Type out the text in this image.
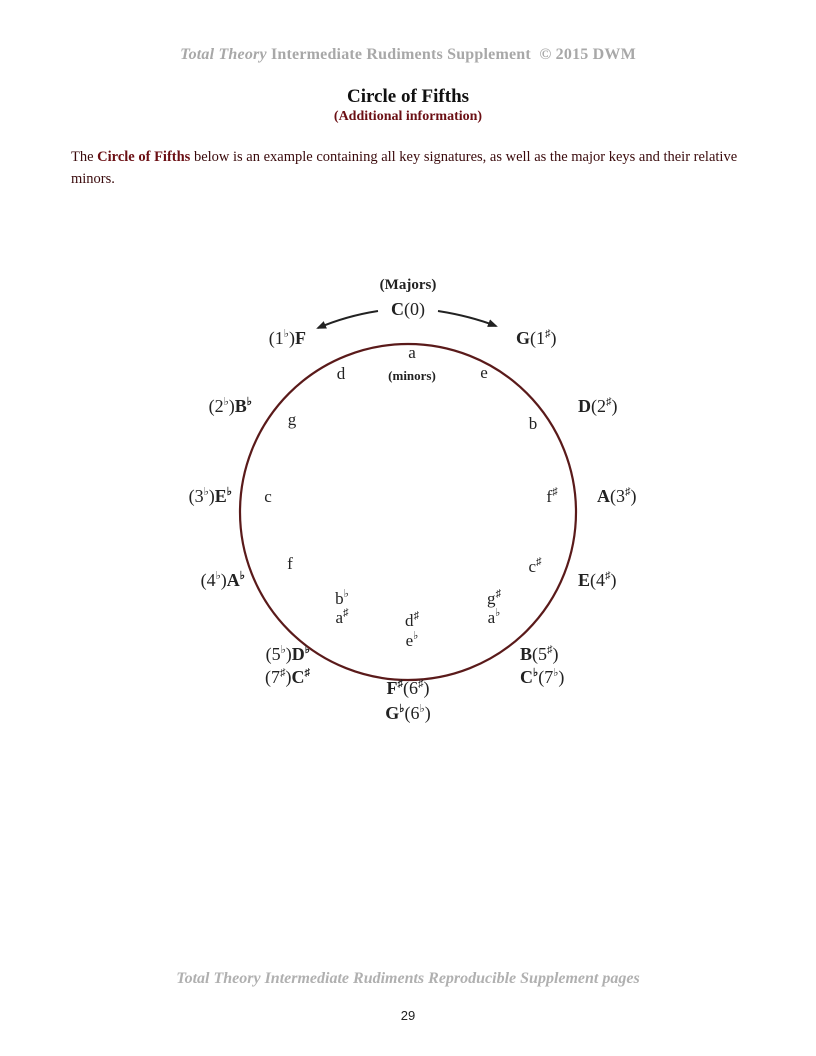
Total Theory Intermediate Rudiments Supplement © 2015 DWM
Circle of Fifths
(Additional information)
The Circle of Fifths below is an example containing all key signatures, as well as the major keys and their relative minors.
(Majors)
(minors)
C(0)
G(1♯)
D(2♯)
A(3♯)
E(4♯)
B(5♯)
C♭(7♭)
F♯(6♯)
G♭(6♭)
(5♭)D♭
(7♯)C♯
(4♭)A♭
(3♭)E♭
(2♭)B♭
(1♭)F
a
e
b
f♯
c♯
g♯
a♭
d♯
e♭
b♭
a♯
f
c
g
d
Total Theory Intermediate Rudiments Reproducible Supplement pages
29
